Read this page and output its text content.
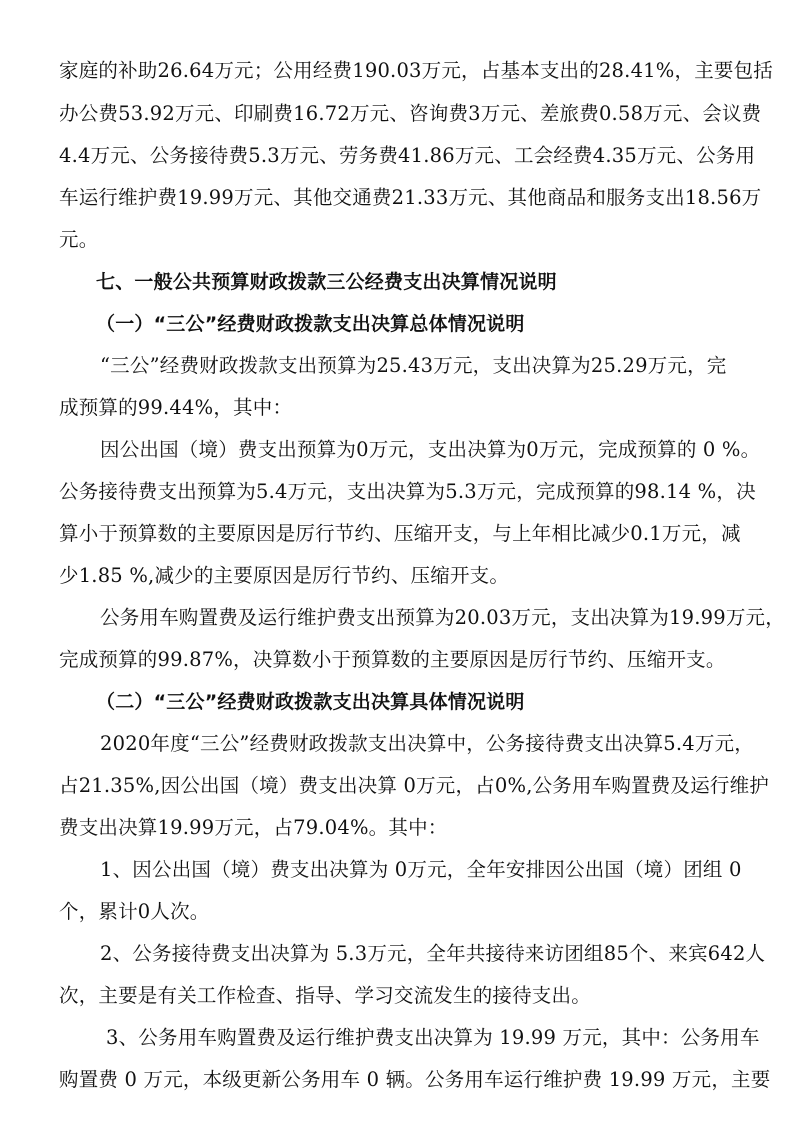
家庭的补助26.64万元；公用经费190.03万元，占基本支出的28.41%，主要包括
办公费53.92万元、印刷费16.72万元、咨询费3万元、差旅费0.58万元、会议费
4.4万元、公务接待费5.3万元、劳务费41.86万元、工会经费4.35万元、公务用
车运行维护费19.99万元、其他交通费21.33万元、其他商品和服务支出18.56万
元。
七、一般公共预算财政拨款三公经费支出决算情况说明
（一）“三公”经费财政拨款支出决算总体情况说明
“三公”经费财政拨款支出预算为25.43万元，支出决算为25.29万元，完
成预算的99.44%，其中：
因公出国（境）费支出预算为0万元，支出决算为0万元，完成预算的 0 %。
公务接待费支出预算为5.4万元，支出决算为5.3万元，完成预算的98.14 %，决
算小于预算数的主要原因是厉行节约、压缩开支，与上年相比减少0.1万元，减
少1.85 %,减少的主要原因是厉行节约、压缩开支。
公务用车购置费及运行维护费支出预算为20.03万元，支出决算为19.99万元，
完成预算的99.87%，决算数小于预算数的主要原因是厉行节约、压缩开支。
（二）“三公”经费财政拨款支出决算具体情况说明
2020年度“三公”经费财政拨款支出决算中，公务接待费支出决算5.4万元，
占21.35%,因公出国（境）费支出决算 0万元，占0%,公务用车购置费及运行维护
费支出决算19.99万元，占79.04%。其中：
1、因公出国（境）费支出决算为 0万元，全年安排因公出国（境）团组 0
个，累计0人次。
2、公务接待费支出决算为 5.3万元，全年共接待来访团组85个、来宾642人
次，主要是有关工作检查、指导、学习交流发生的接待支出。
3、公务用车购置费及运行维护费支出决算为 19.99 万元，其中：公务用车
购置费 0 万元，本级更新公务用车 0 辆。公务用车运行维护费 19.99 万元，主要
